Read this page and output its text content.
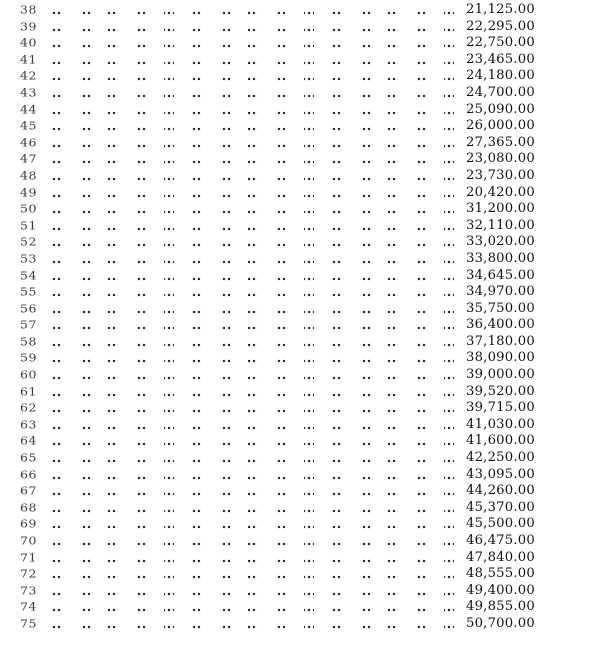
38	21,125.00
39	22,295.00
40	22,750.00
41	23,465.00
42	24,180.00
43	24,700.00
44	25,090.00
45	26,000.00
46	27,365.00
47	23,080.00
48	23,730.00
49	20,420.00
50	31,200.00
51	32,110.00
52	33,020.00
53	33,800.00
54	34,645.00
55	34,970.00
56	35,750.00
57	36,400.00
58	37,180.00
59	38,090.00
60	39,000.00
61	39,520.00
62	39,715.00
63	41,030.00
64	41,600.00
65	42,250.00
66	43,095.00
67	44,260.00
68	45,370.00
69	45,500.00
70	46,475.00
71	47,840.00
72	48,555.00
73	49,400.00
74	49,855.00
75	50,700.00
